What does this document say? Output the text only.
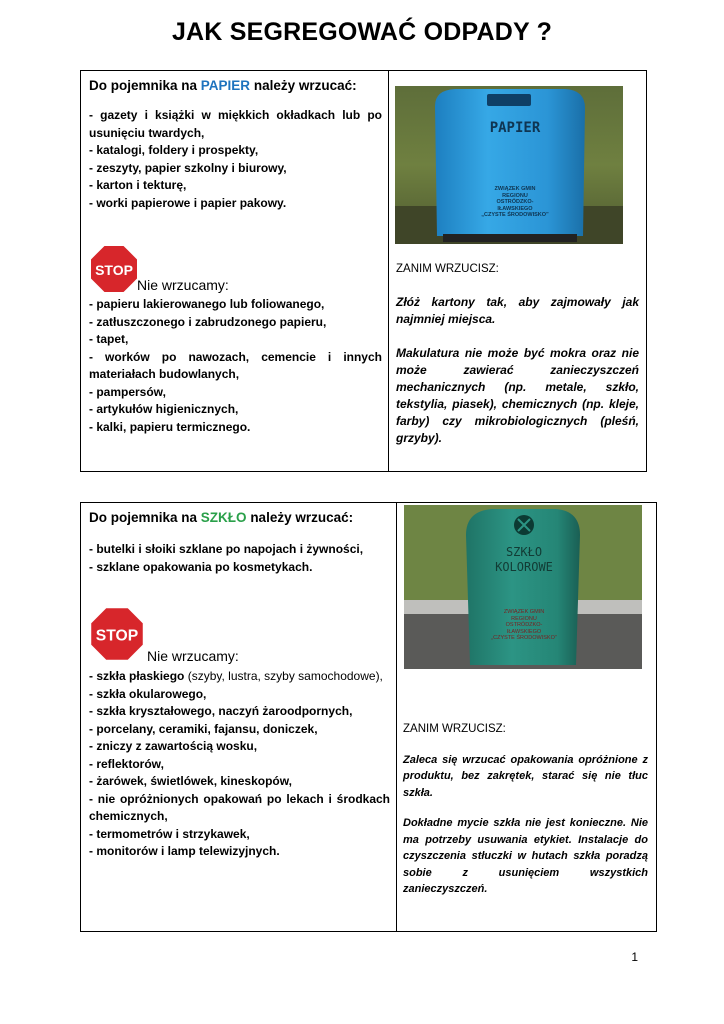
JAK SEGREGOWAĆ ODPADY ?
Do pojemnika na PAPIER należy wrzucać:
- gazety i książki w miękkich okładkach lub po usunięciu twardych,
- katalogi, foldery i prospekty,
- zeszyty, papier szkolny i biurowy,
- karton i tekturę,
- worki papierowe i papier pakowy.
STOP
Nie wrzucamy:
- papieru lakierowanego lub foliowanego,
- zatłuszczonego i zabrudzonego papieru,
- tapet,
- worków po nawozach, cemencie i innych materiałach budowlanych,
- pampersów,
- artykułów higienicznych,
- kalki, papieru termicznego.
PAPIER
ZWIĄZEK GMIN
REGIONU
OSTRÓDZKO-
IŁAWSKIEGO
„CZYSTE ŚRODOWISKO”
ZANIM WRZUCISZ:
Złóż kartony tak, aby zajmowały jak najmniej miejsca.
Makulatura nie może być mokra oraz nie może zawierać zanieczyszczeń mechanicznych (np. metale, szkło, tekstylia, piasek), chemicznych (np. kleje, farby) czy mikrobiologicznych (pleśń, grzyby).
Do pojemnika na SZKŁO należy wrzucać:
- butelki i słoiki szklane po napojach i żywności,
- szklane opakowania po kosmetykach.
STOP
Nie wrzucamy:
- szkła płaskiego (szyby, lustra, szyby samochodowe),
- szkła okularowego,
- szkła kryształowego, naczyń żaroodpornych,
- porcelany, ceramiki, fajansu, doniczek,
- zniczy z zawartością wosku,
- reflektorów,
- żarówek, świetlówek, kineskopów,
- nie opróżnionych opakowań po lekach i środkach chemicznych,
- termometrów i strzykawek,
- monitorów i lamp telewizyjnych.
SZKŁO
KOLOROWE
ZWIĄZEK GMIN
REGIONU
OSTRÓDZKO-
IŁAWSKIEGO
„CZYSTE ŚRODOWISKO”
ZANIM WRZUCISZ:
Zaleca się wrzucać opakowania opróżnione z produktu, bez zakrętek, starać się nie tłuc szkła.
Dokładne mycie szkła nie jest konieczne. Nie ma potrzeby usuwania etykiet. Instalacje do czyszczenia stłuczki w hutach szkła poradzą sobie z usunięciem wszystkich zanieczyszczeń.
1
